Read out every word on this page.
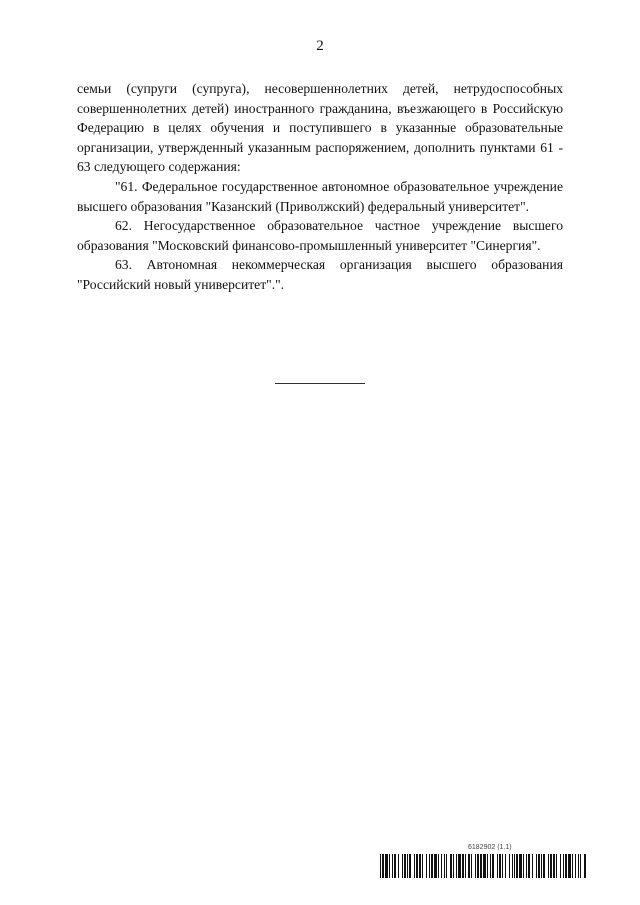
2

семьи (супруги (супруга), несовершеннолетних детей, нетрудоспособных совершеннолетних детей) иностранного гражданина, въезжающего в Российскую Федерацию в целях обучения и поступившего в указанные образовательные организации, утвержденный указанным распоряжением, дополнить пунктами 61 - 63 следующего содержания:

"61. Федеральное государственное автономное образовательное учреждение высшего образования "Казанский (Приволжский) федеральный университет".

62. Негосударственное образовательное частное учреждение высшего образования "Московский финансово-промышленный университет "Синергия".

63. Автономная некоммерческая организация высшего образования "Российский новый университет".".

6182902 (1.1)
